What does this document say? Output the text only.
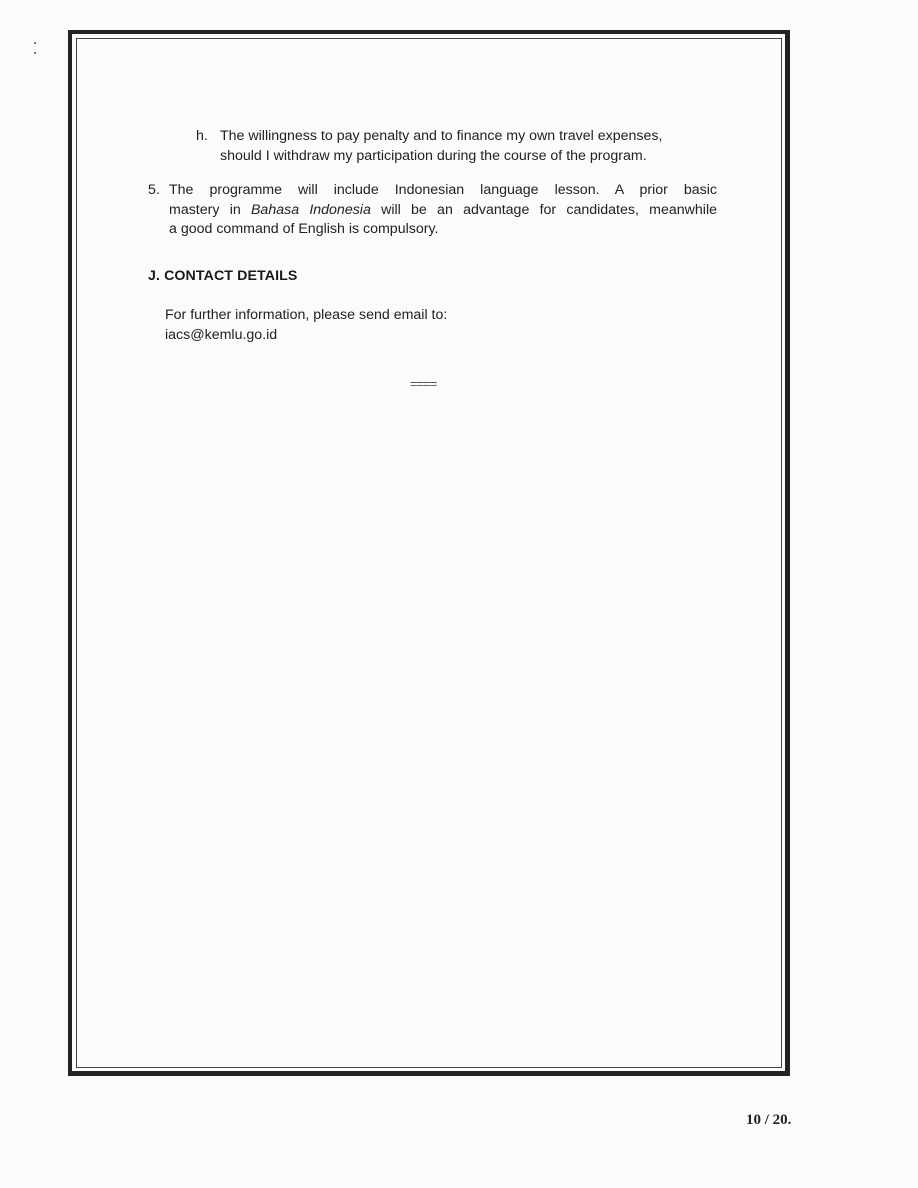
h. The willingness to pay penalty and to finance my own travel expenses,
should I withdraw my participation during the course of the program.
5. The programme will include Indonesian language lesson. A prior basic
mastery in Bahasa Indonesia will be an advantage for candidates, meanwhile
a good command of English is compulsory.
J. CONTACT DETAILS
For further information, please send email to:
iacs@kemlu.go.id
====
10 / 20.
